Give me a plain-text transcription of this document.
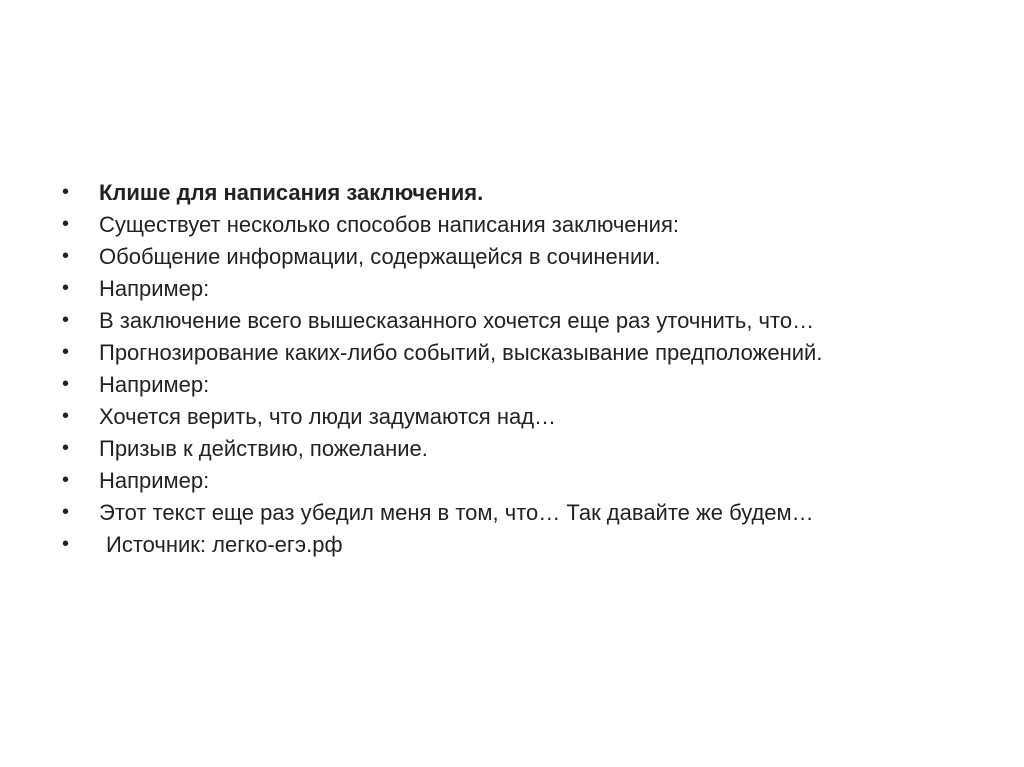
•	Клише для написания заключения.
•	Существует несколько способов написания заключения:
•	Обобщение информации, содержащейся в сочинении.
•	Например:
•	В заключение всего вышесказанного хочется еще раз уточнить, что…
•	Прогнозирование каких-либо событий, высказывание предположений.
•	Например:
•	Хочется верить, что люди задумаются над…
•	Призыв к действию, пожелание.
•	Например:
•	Этот текст еще раз убедил меня в том, что… Так давайте же будем…
•	Источник: легко-егэ.рф
